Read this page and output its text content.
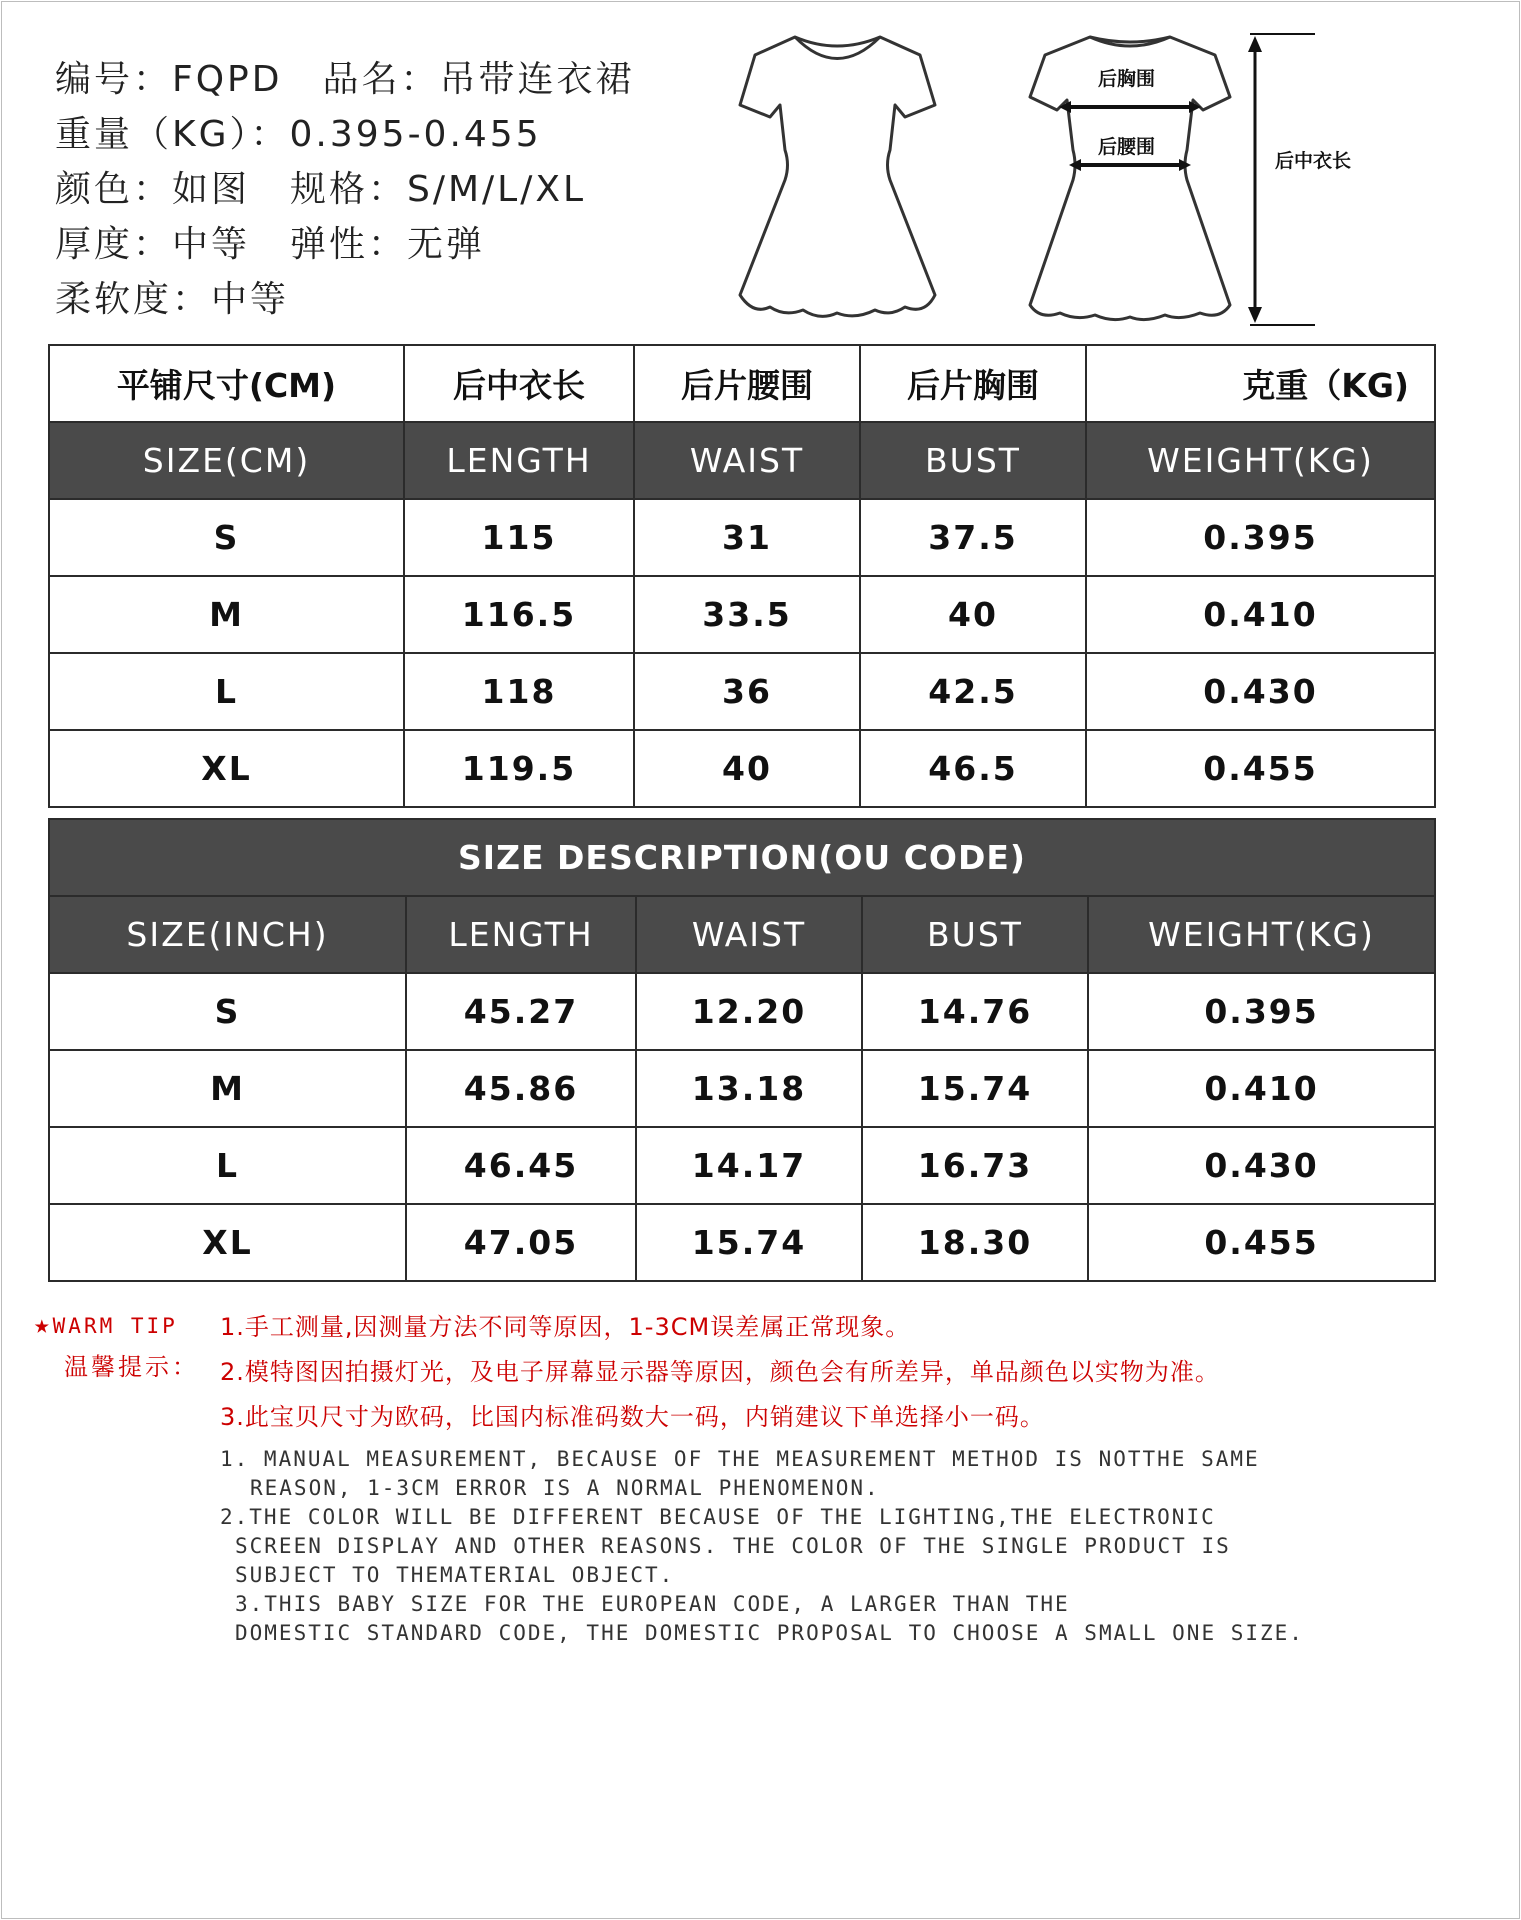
编号：FQPD 品名：吊带连衣裙
重量（KG）：0.395-0.455
颜色：如图 规格：S/M/L/XL
厚度：中等 弹性：无弹
柔软度：中等
后胸围
后腰围
后中衣长
平铺尺寸(CM)	后中衣长	后片腰围	后片胸围	克重（KG)
SIZE(CM)	LENGTH	WAIST	BUST	WEIGHT(KG)
S	115	31	37.5	0.395
M	116.5	33.5	40	0.410
L	118	36	42.5	0.430
XL	119.5	40	46.5	0.455
SIZE DESCRIPTION(OU CODE)				
SIZE(INCH)	LENGTH	WAIST	BUST	WEIGHT(KG)
S	45.27	12.20	14.76	0.395
M	45.86	13.18	15.74	0.410
L	46.45	14.17	16.73	0.430
XL	47.05	15.74	18.30	0.455
★WARM TIP
温馨提示：
1.手工测量,因测量方法不同等原因，1-3CM误差属正常现象。
2.模特图因拍摄灯光，及电子屏幕显示器等原因，颜色会有所差异，单品颜色以实物为准。
3.此宝贝尺寸为欧码，比国内标准码数大一码，内销建议下单选择小一码。
1. MANUAL MEASUREMENT, BECAUSE OF THE MEASUREMENT METHOD IS NOTTHE SAME
REASON, 1-3CM ERROR IS A NORMAL PHENOMENON.
2.THE COLOR WILL BE DIFFERENT BECAUSE OF THE LIGHTING,THE ELECTRONIC
SCREEN DISPLAY AND OTHER REASONS. THE COLOR OF THE SINGLE PRODUCT IS
SUBJECT TO THEMATERIAL OBJECT.
3.THIS BABY SIZE FOR THE EUROPEAN CODE, A LARGER THAN THE
DOMESTIC STANDARD CODE, THE DOMESTIC PROPOSAL TO CHOOSE A SMALL ONE SIZE.
